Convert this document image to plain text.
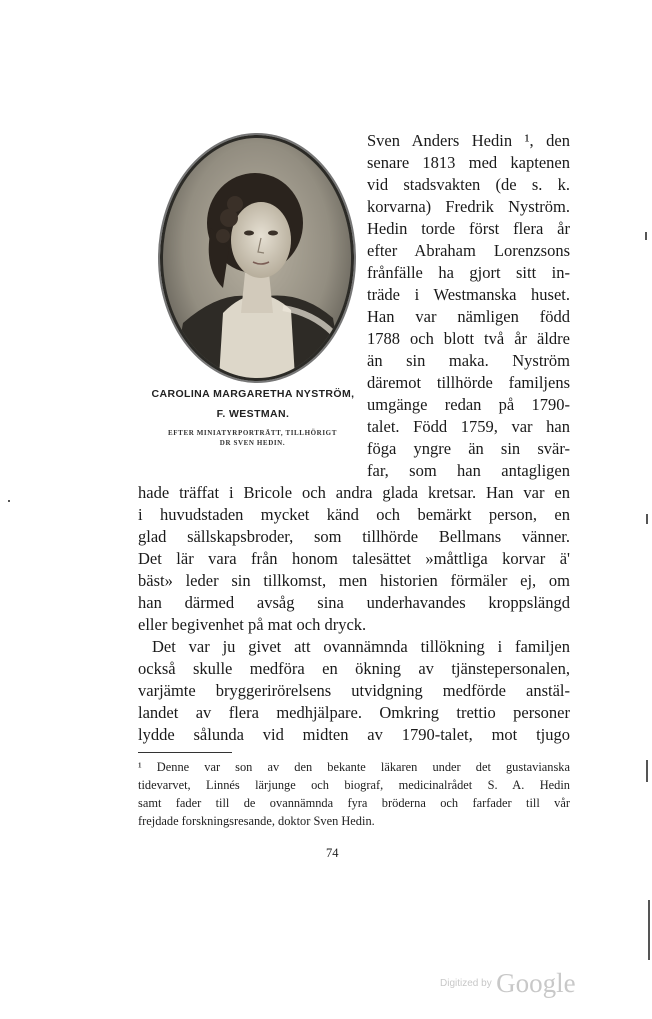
CAROLINA MARGARETHA NYSTRÖM,
F. WESTMAN.
EFTER MINIATYRPORTRÄTT, TILLHÖRIGT
DR SVEN HEDIN.
Sven Anders Hedin ¹, den
senare 1813 med kaptenen
vid stadsvakten (de s. k.
korvarna) Fredrik Nyström.
Hedin torde först flera år
efter Abraham Lorenzsons
frånfälle ha gjort sitt in-
träde i Westmanska huset.
Han var nämligen född
1788 och blott två år äldre
än sin maka. Nyström
däremot tillhörde familjens
umgänge redan på 1790-
talet. Född 1759, var han
föga yngre än sin svär-
far, som han antagligen
hade träffat i Bricole och andra glada kretsar. Han var en
i huvudstaden mycket känd och bemärkt person, en
glad sällskapsbroder, som tillhörde Bellmans vänner.
Det lär vara från honom talesättet »måttliga korvar ä'
bäst» leder sin tillkomst, men historien förmäler ej, om
han därmed avsåg sina underhavandes kroppslängd
eller begivenhet på mat och dryck.
Det var ju givet att ovannämnda tillökning i familjen
också skulle medföra en ökning av tjänstepersonalen,
varjämte bryggerirörelsens utvidgning medförde anstäl-
landet av flera medhjälpare. Omkring trettio personer
lydde sålunda vid midten av 1790-talet, mot tjugo
¹ Denne var son av den bekante läkaren under det gustavianska
tidevarvet, Linnés lärjunge och biograf, medicinalrådet S. A. Hedin
samt fader till de ovannämnda fyra bröderna och farfader till vår
frejdade forskningsresande, doktor Sven Hedin.
74
Digitized by Google
